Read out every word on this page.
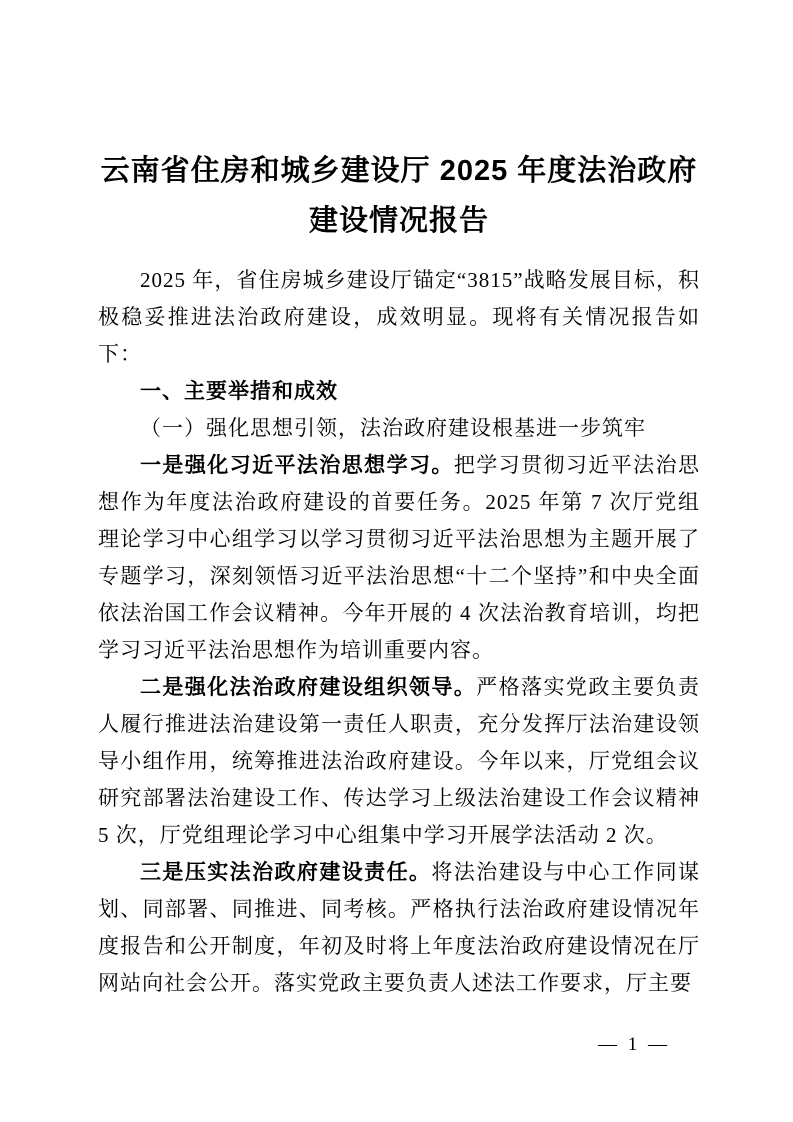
云南省住房和城乡建设厅 2025 年度法治政府
建设情况报告

2025 年，省住房城乡建设厅锚定“3815”战略发展目标，积极稳妥推进法治政府建设，成效明显。现将有关情况报告如下：

一、主要举措和成效

（一）强化思想引领，法治政府建设根基进一步筑牢

一是强化习近平法治思想学习。把学习贯彻习近平法治思想作为年度法治政府建设的首要任务。2025 年第 7 次厅党组理论学习中心组学习以学习贯彻习近平法治思想为主题开展了专题学习，深刻领悟习近平法治思想“十二个坚持”和中央全面依法治国工作会议精神。今年开展的 4 次法治教育培训，均把学习习近平法治思想作为培训重要内容。

二是强化法治政府建设组织领导。严格落实党政主要负责人履行推进法治建设第一责任人职责，充分发挥厅法治建设领导小组作用，统筹推进法治政府建设。今年以来，厅党组会议研究部署法治建设工作、传达学习上级法治建设工作会议精神 5 次，厅党组理论学习中心组集中学习开展学法活动 2 次。

三是压实法治政府建设责任。将法治建设与中心工作同谋划、同部署、同推进、同考核。严格执行法治政府建设情况年度报告和公开制度，年初及时将上年度法治政府建设情况在厅网站向社会公开。落实党政主要负责人述法工作要求，厅主要

— 1 —
